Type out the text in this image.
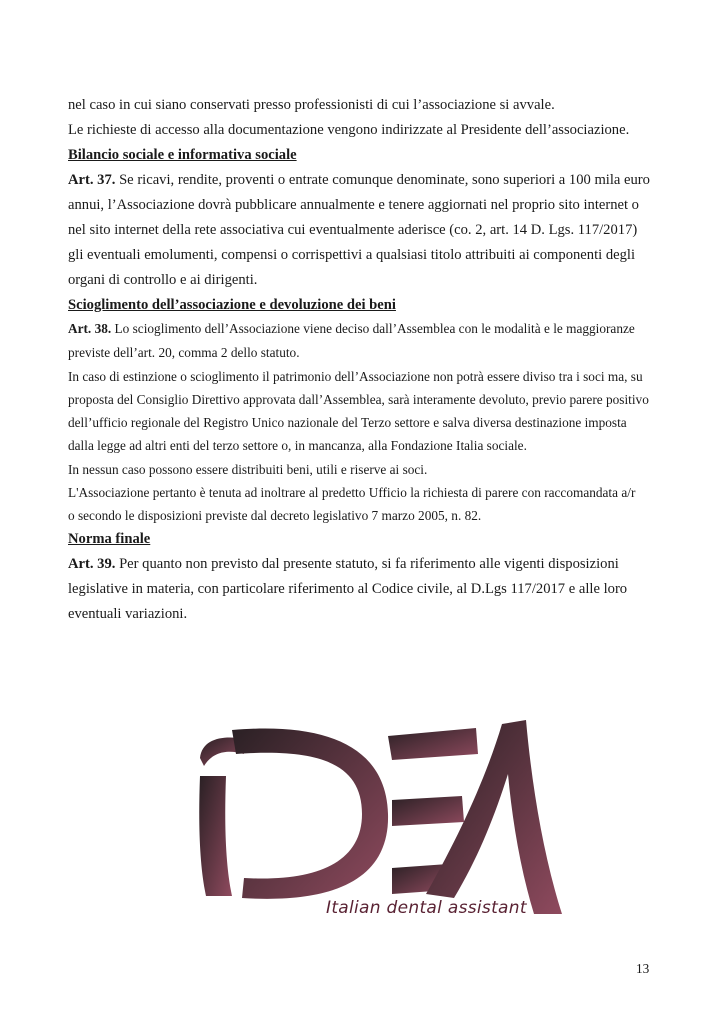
nel caso in cui siano conservati presso professionisti di cui l’associazione si avvale.
Le richieste di accesso alla documentazione vengono indirizzate al Presidente dell’associazione.
Bilancio sociale e informativa sociale
Art. 37. Se ricavi, rendite, proventi o entrate comunque denominate, sono superiori a 100 mila euro
annui, l’Associazione dovrà pubblicare annualmente e tenere aggiornati nel proprio sito internet o
nel sito internet della rete associativa cui eventualmente aderisce (co. 2, art. 14 D. Lgs. 117/2017)
gli eventuali emolumenti, compensi o corrispettivi a qualsiasi titolo attribuiti ai componenti degli
organi di controllo e ai dirigenti.
Scioglimento dell’associazione e devoluzione dei beni
Art. 38. Lo scioglimento dell’Associazione viene deciso dall’Assemblea con le modalità e le maggioranze
previste dell’art. 20, comma 2 dello statuto.
In caso di estinzione o scioglimento il patrimonio dell’Associazione non potrà essere diviso tra i soci ma, su
proposta del Consiglio Direttivo approvata dall’Assemblea, sarà interamente devoluto, previo parere positivo
dell’ufficio regionale del Registro Unico nazionale del Terzo settore e salva diversa destinazione imposta
dalla legge ad altri enti del terzo settore o, in mancanza, alla Fondazione Italia sociale.
In nessun caso possono essere distribuiti beni, utili e riserve ai soci.
L'Associazione pertanto è tenuta ad inoltrare al predetto Ufficio la richiesta di parere con raccomandata a/r
o secondo le disposizioni previste dal decreto legislativo 7 marzo 2005, n. 82.
Norma finale
Art. 39. Per quanto non previsto dal presente statuto, si fa riferimento alle vigenti disposizioni
legislative in materia, con particolare riferimento al Codice civile, al D.Lgs 117/2017 e alle loro
eventuali variazioni.
Italian dental assistant
13
